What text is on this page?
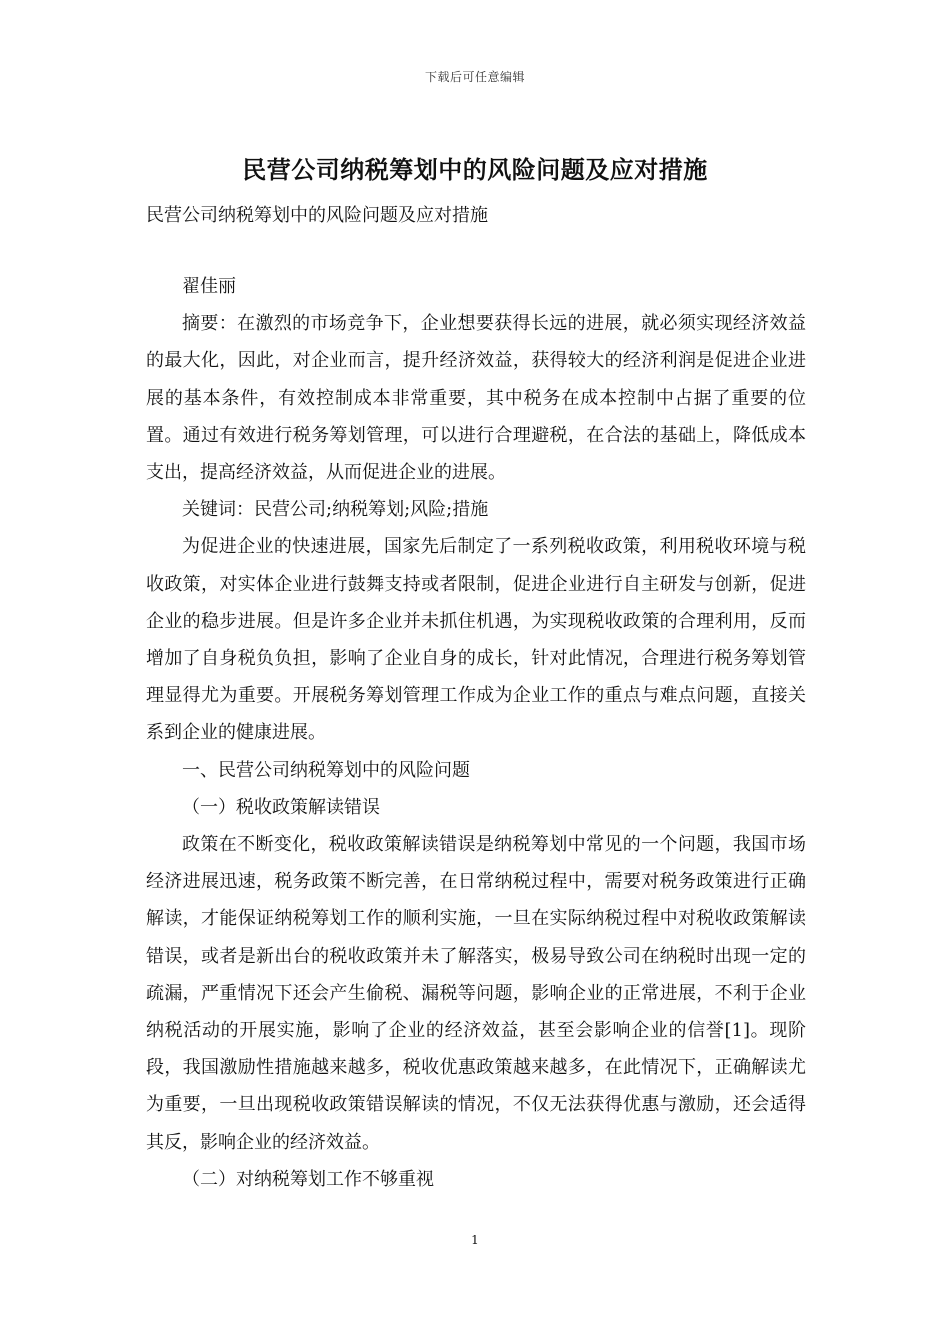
下载后可任意编辑
民营公司纳税筹划中的风险问题及应对措施
民营公司纳税筹划中的风险问题及应对措施

翟佳丽

摘要：在激烈的市场竞争下，企业想要获得长远的进展，就必须实现经济效益的最大化，因此，对企业而言，提升经济效益，获得较大的经济利润是促进企业进展的基本条件，有效控制成本非常重要，其中税务在成本控制中占据了重要的位置。通过有效进行税务筹划管理，可以进行合理避税，在合法的基础上，降低成本支出，提高经济效益，从而促进企业的进展。

关键词：民营公司;纳税筹划;风险;措施

为促进企业的快速进展，国家先后制定了一系列税收政策，利用税收环境与税收政策，对实体企业进行鼓舞支持或者限制，促进企业进行自主研发与创新，促进企业的稳步进展。但是许多企业并未抓住机遇，为实现税收政策的合理利用，反而增加了自身税负负担，影响了企业自身的成长，针对此情况，合理进行税务筹划管理显得尤为重要。开展税务筹划管理工作成为企业工作的重点与难点问题，直接关系到企业的健康进展。

一、民营公司纳税筹划中的风险问题

（一）税收政策解读错误

政策在不断变化，税收政策解读错误是纳税筹划中常见的一个问题，我国市场经济进展迅速，税务政策不断完善，在日常纳税过程中，需要对税务政策进行正确解读，才能保证纳税筹划工作的顺利实施，一旦在实际纳税过程中对税收政策解读错误，或者是新出台的税收政策并未了解落实，极易导致公司在纳税时出现一定的疏漏，严重情况下还会产生偷税、漏税等问题，影响企业的正常进展，不利于企业纳税活动的开展实施，影响了企业的经济效益，甚至会影响企业的信誉[1]。现阶段，我国激励性措施越来越多，税收优惠政策越来越多，在此情况下，正确解读尤为重要，一旦出现税收政策错误解读的情况，不仅无法获得优惠与激励，还会适得其反，影响企业的经济效益。

（二）对纳税筹划工作不够重视

1
